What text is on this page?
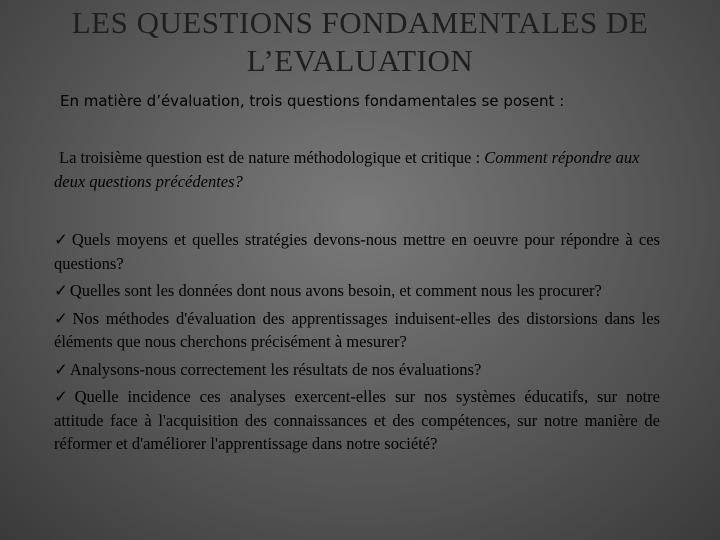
LES QUESTIONS FONDAMENTALES DE
L’EVALUATION
En matière d’évaluation, trois questions fondamentales se posent :
La troisième question est de nature méthodologique et critique : Comment répondre aux deux questions précédentes?
✓ Quels moyens et quelles stratégies devons-nous mettre en oeuvre pour répondre à ces questions?
✓ Quelles sont les données dont nous avons besoin, et comment nous les procurer?
✓ Nos méthodes d'évaluation des apprentissages induisent-elles des distorsions dans les éléments que nous cherchons précisément à mesurer?
✓ Analysons-nous correctement les résultats de nos évaluations?
✓ Quelle incidence ces analyses exercent-elles sur nos systèmes éducatifs, sur notre attitude face à l'acquisition des connaissances et des compétences, sur notre manière de réformer et d'améliorer l'apprentissage dans notre société?
